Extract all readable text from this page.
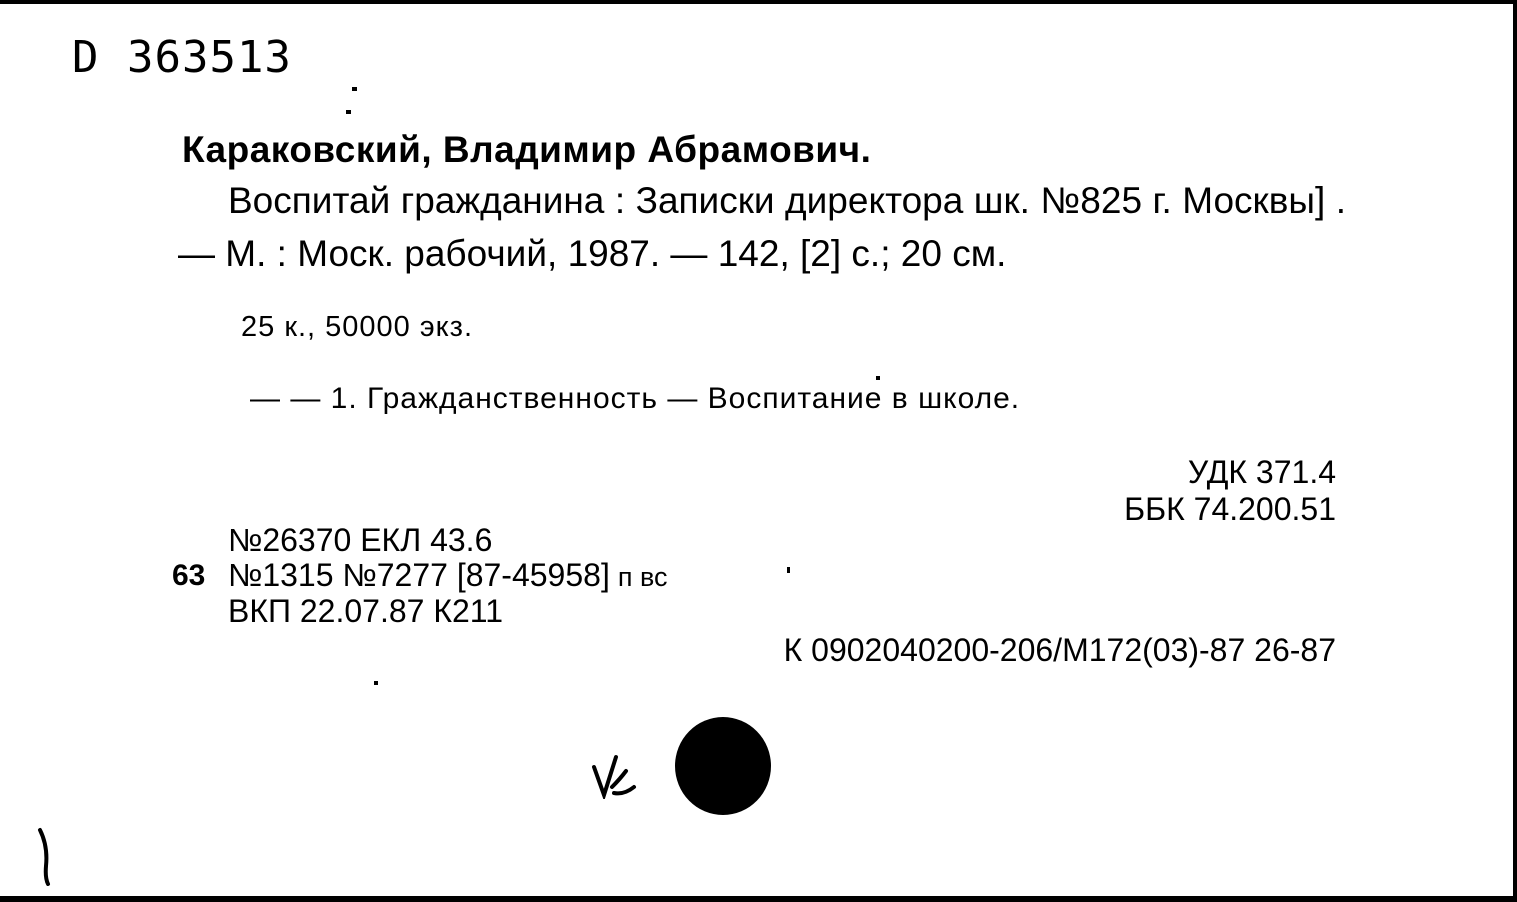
D 363513
Караковский, Владимир Абрамович.
Воспитай гражданина : Записки директора шк. №825 г. Москвы] . — М. : Моск. рабочий, 1987. — 142, [2] с.; 20 см.
25 к., 50000 экз.
— — 1. Гражданственность — Воспитание в школе.
УДК 371.4
ББК 74.200.51
№26370 ЕКЛ 43.6
63 №1315 №7277 [87-45958] п вс
ВКП 22.07.87 К211
К 0902040200-206/М172(03)-87 26-87
